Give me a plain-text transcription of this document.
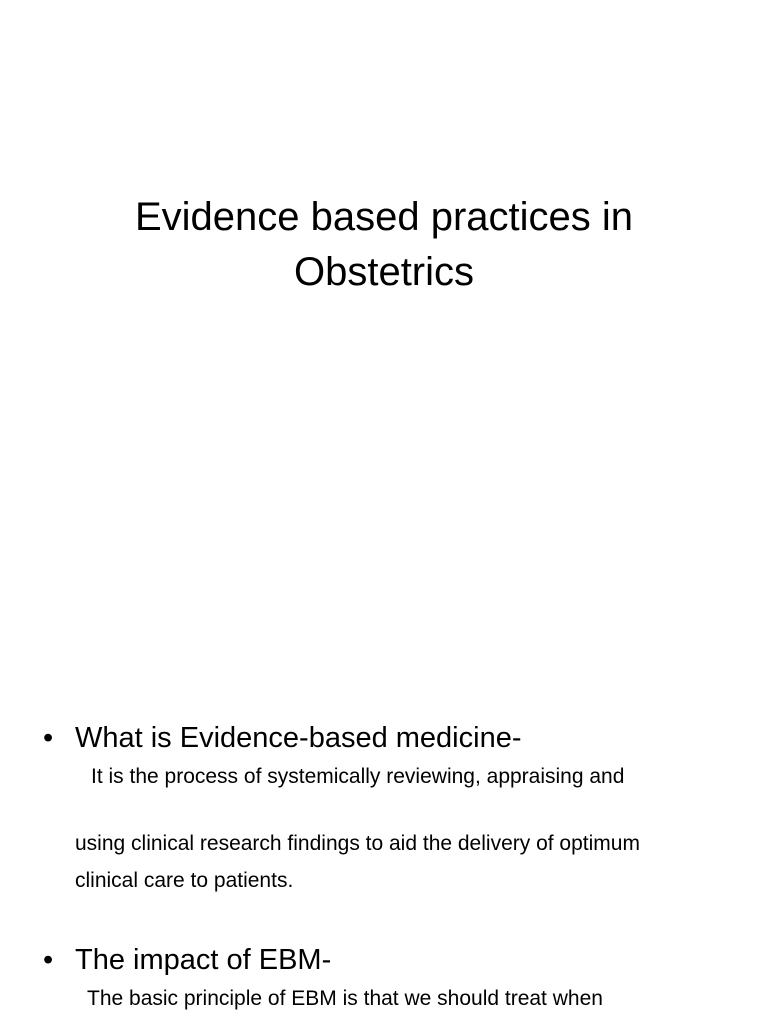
Evidence based practices in
Obstetrics
• What is Evidence-based medicine-

It is the process of systemically reviewing, appraising and

using clinical research findings to aid the delivery of optimum

clinical care to patients.

• The impact of EBM-

The basic principle of EBM is that we should treat when
